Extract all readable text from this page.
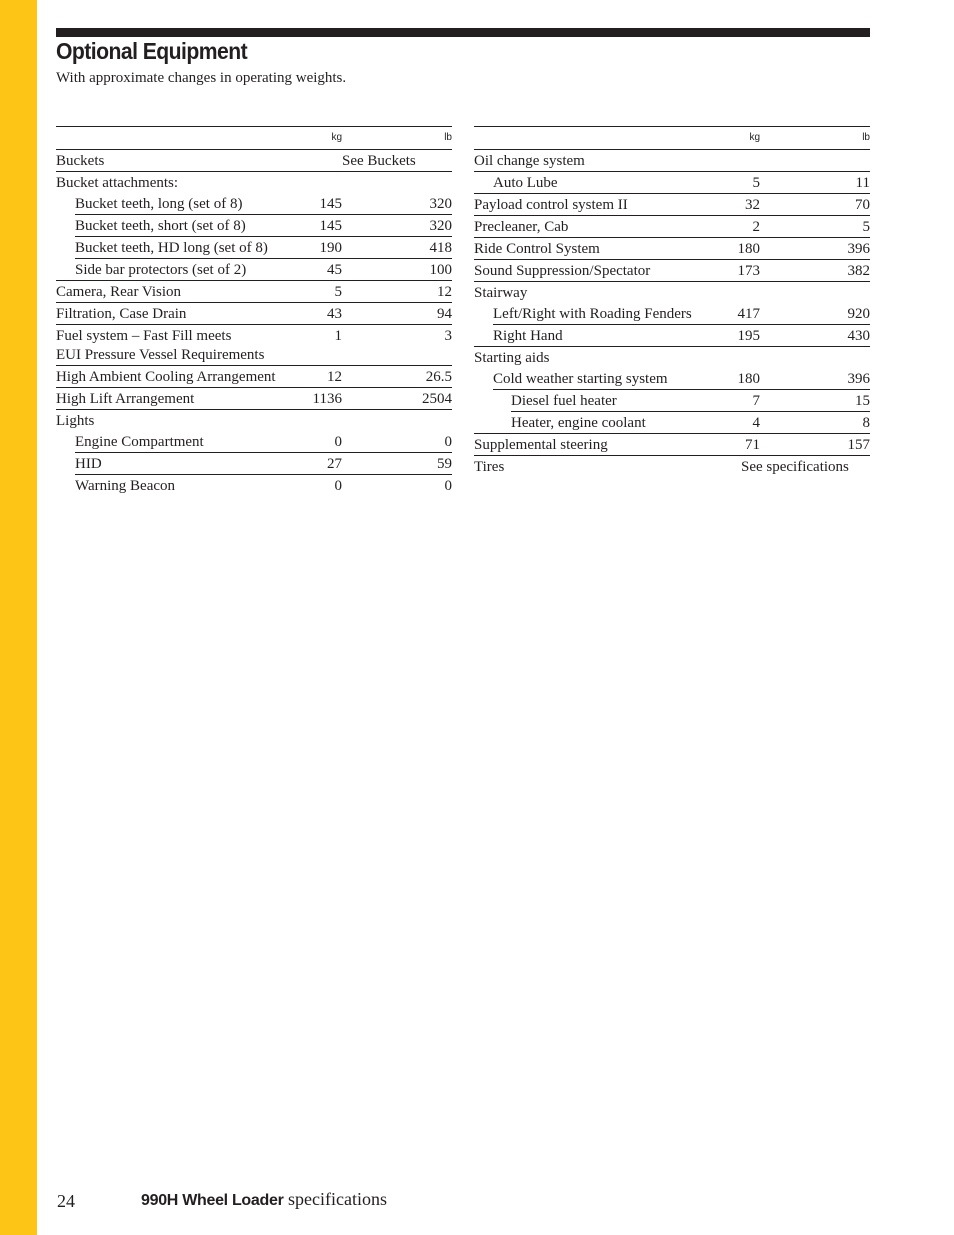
Optional Equipment
With approximate changes in operating weights.
kg	lb
Buckets	See Buckets
Bucket attachments:
Bucket teeth, long (set of 8)	145	320
Bucket teeth, short (set of 8)	145	320
Bucket teeth, HD long (set of 8)	190	418
Side bar protectors (set of 2)	45	100
Camera, Rear Vision	5	12
Filtration, Case Drain	43	94
Fuel system – Fast Fill meets
EUI Pressure Vessel Requirements
1	3
High Ambient Cooling Arrangement	12	26.5
High Lift Arrangement	1136	2504
Lights
Engine Compartment	0	0
HID	27	59
Warning Beacon	0	0
kg	lb
Oil change system
Auto Lube	5	11
Payload control system II	32	70
Precleaner, Cab	2	5
Ride Control System	180	396
Sound Suppression/Spectator	173	382
Stairway
Left/Right with Roading Fenders	417	920
Right Hand	195	430
Starting aids
Cold weather starting system	180	396
Diesel fuel heater	7	15
Heater, engine coolant	4	8
Supplemental steering	71	157
Tires	See specifications
24	990H Wheel Loader specifications
